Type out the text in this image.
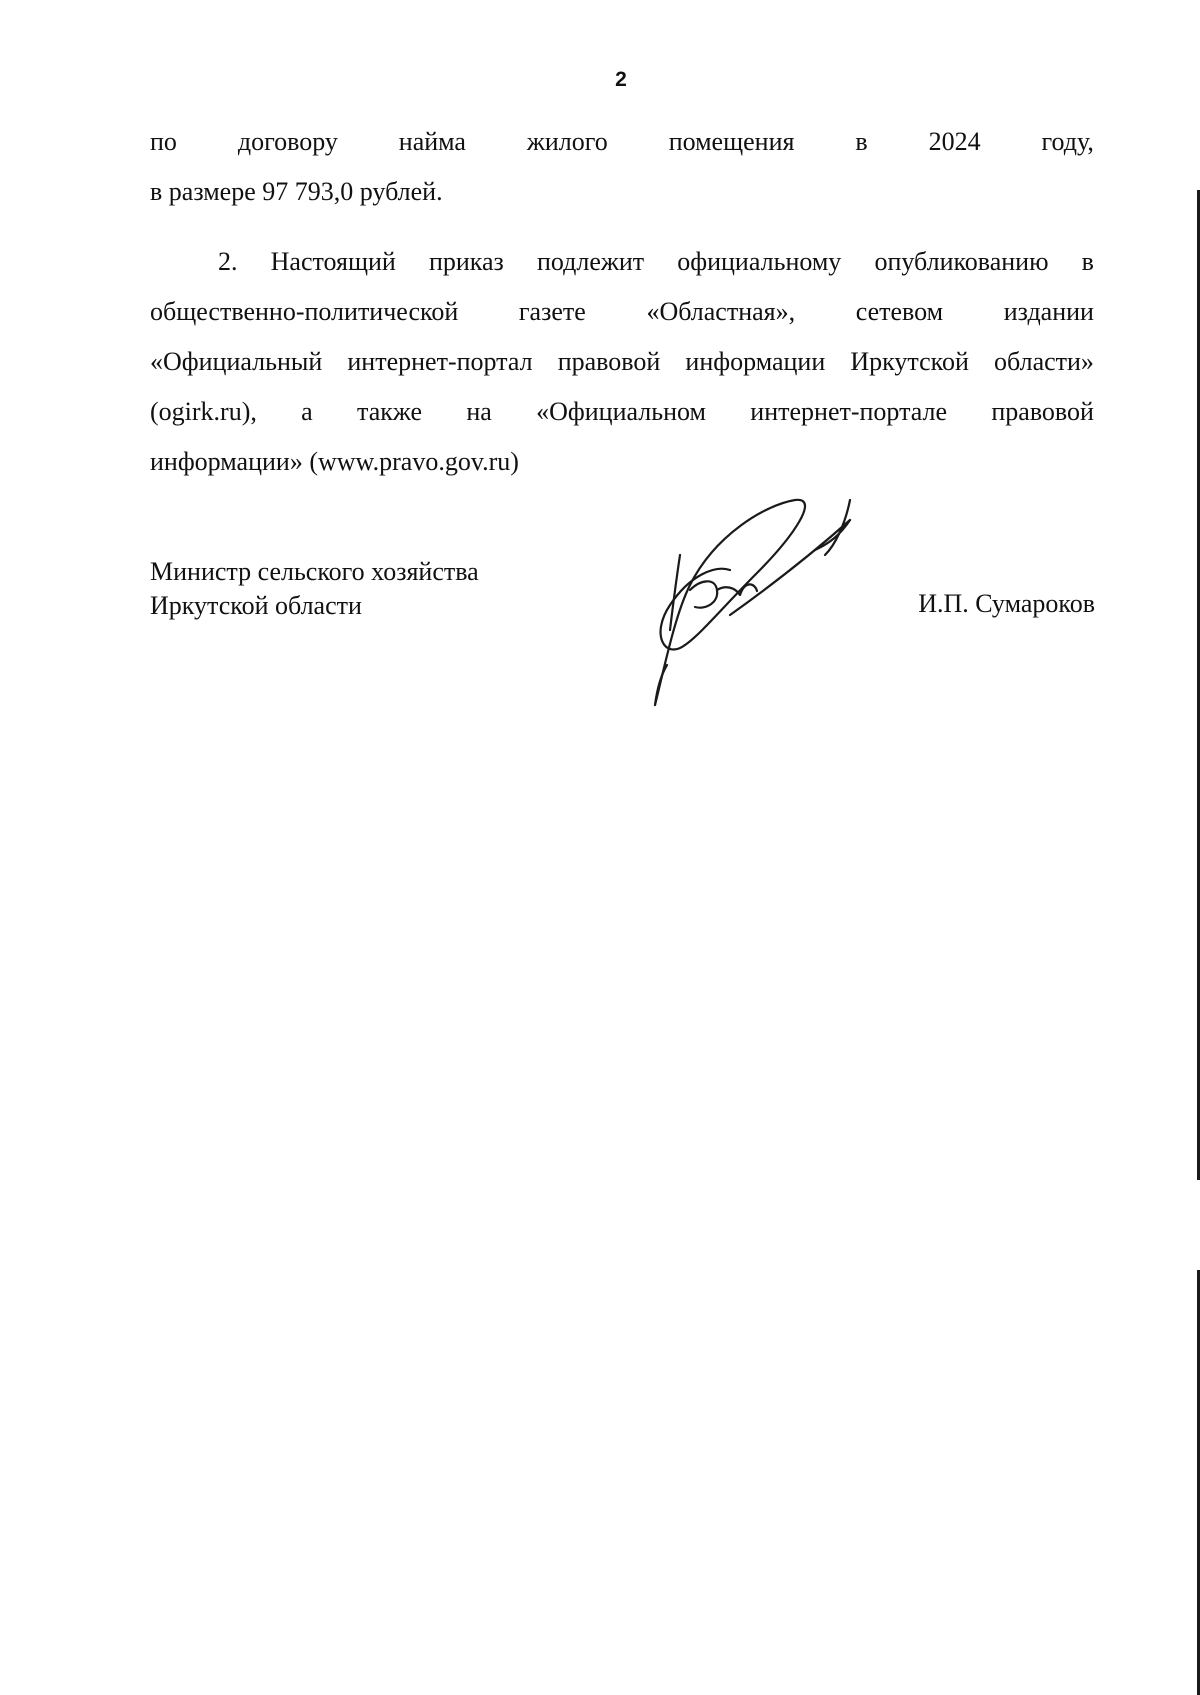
2
по договору найма жилого помещения в 2024 году,
в размере 97 793,0 рублей.
2. Настоящий приказ подлежит официальному опубликованию в
общественно-политической газете «Областная», сетевом издании
«Официальный интернет-портал правовой информации Иркутской области»
(ogirk.ru), а также на «Официальном интернет-портале правовой
информации» (www.pravo.gov.ru)
Министр сельского хозяйства
Иркутской области	И.П. Сумароков
